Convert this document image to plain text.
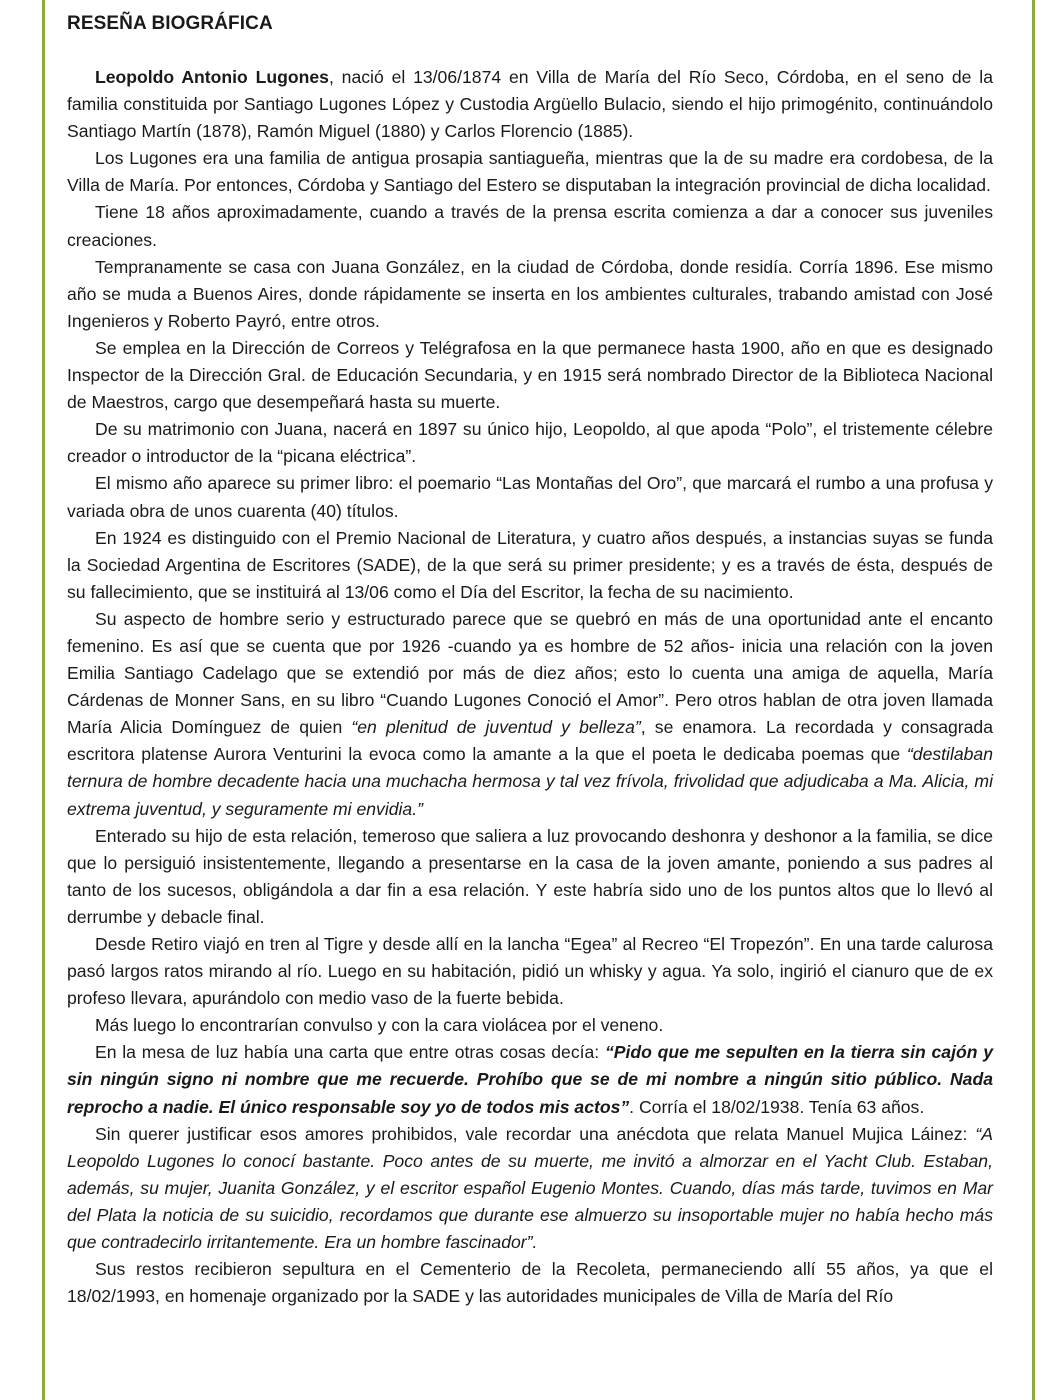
RESEÑA BIOGRÁFICA

Leopoldo Antonio Lugones, nació el 13/06/1874 en Villa de María del Río Seco, Córdoba, en el seno de la familia constituida por Santiago Lugones López y Custodia Argüello Bulacio, siendo el hijo primogénito, continuándolo Santiago Martín (1878), Ramón Miguel (1880) y Carlos Florencio (1885).

Los Lugones era una familia de antigua prosapia santiagueña, mientras que la de su madre era cordobesa, de la Villa de María. Por entonces, Córdoba y Santiago del Estero se disputaban la integración provincial de dicha localidad.

Tiene 18 años aproximadamente, cuando a través de la prensa escrita comienza a dar a conocer sus juveniles creaciones.

Tempranamente se casa con Juana González, en la ciudad de Córdoba, donde residía. Corría 1896. Ese mismo año se muda a Buenos Aires, donde rápidamente se inserta en los ambientes culturales, trabando amistad con José Ingenieros y Roberto Payró, entre otros.

Se emplea en la Dirección de Correos y Telégrafosa en la que permanece hasta 1900, año en que es designado Inspector de la Dirección Gral. de Educación Secundaria, y en 1915 será nombrado Director de la Biblioteca Nacional de Maestros, cargo que desempeñará hasta su muerte.

De su matrimonio con Juana, nacerá en 1897 su único hijo, Leopoldo, al que apoda “Polo”, el tristemente célebre creador o introductor de la “picana eléctrica”.

El mismo año aparece su primer libro: el poemario “Las Montañas del Oro”, que marcará el rumbo a una profusa y variada obra de unos cuarenta (40) títulos.

En 1924 es distinguido con el Premio Nacional de Literatura, y cuatro años después, a instancias suyas se funda la Sociedad Argentina de Escritores (SADE), de la que será su primer presidente; y es a través de ésta, después de su fallecimiento, que se instituirá al 13/06 como el Día del Escritor, la fecha de su nacimiento.

Su aspecto de hombre serio y estructurado parece que se quebró en más de una oportunidad ante el encanto femenino. Es así que se cuenta que por 1926 -cuando ya es hombre de 52 años- inicia una relación con la joven Emilia Santiago Cadelago que se extendió por más de diez años; esto lo cuenta una amiga de aquella, María Cárdenas de Monner Sans, en su libro “Cuando Lugones Conoció el Amor”. Pero otros hablan de otra joven llamada María Alicia Domínguez de quien “en plenitud de juventud y belleza”, se enamora. La recordada y consagrada escritora platense Aurora Venturini la evoca como la amante a la que el poeta le dedicaba poemas que “destilaban ternura de hombre decadente hacia una muchacha hermosa y tal vez frívola, frivolidad que adjudicaba a Ma. Alicia, mi extrema juventud, y seguramente mi envidia.”

Enterado su hijo de esta relación, temeroso que saliera a luz provocando deshonra y deshonor a la familia, se dice que lo persiguió insistentemente, llegando a presentarse en la casa de la joven amante, poniendo a sus padres al tanto de los sucesos, obligándola a dar fin a esa relación. Y este habría sido uno de los puntos altos que lo llevó al derrumbe y debacle final.

Desde Retiro viajó en tren al Tigre y desde allí en la lancha “Egea” al Recreo “El Tropezón”. En una tarde calurosa pasó largos ratos mirando al río. Luego en su habitación, pidió un whisky y agua. Ya solo, ingirió el cianuro que de ex profeso llevara, apurándolo con medio vaso de la fuerte bebida.

Más luego lo encontrarían convulso y con la cara violácea por el veneno.

En la mesa de luz había una carta que entre otras cosas decía: “Pido que me sepulten en la tierra sin cajón y sin ningún signo ni nombre que me recuerde. Prohíbo que se de mi nombre a ningún sitio público. Nada reprocho a nadie. El único responsable soy yo de todos mis actos”. Corría el 18/02/1938. Tenía 63 años.

Sin querer justificar esos amores prohibidos, vale recordar una anécdota que relata Manuel Mujica Láinez: “A Leopoldo Lugones lo conocí bastante. Poco antes de su muerte, me invitó a almorzar en el Yacht Club. Estaban, además, su mujer, Juanita González, y el escritor español Eugenio Montes. Cuando, días más tarde, tuvimos en Mar del Plata la noticia de su suicidio, recordamos que durante ese almuerzo su insoportable mujer no había hecho más que contradecirlo irritantemente. Era un hombre fascinador”.

Sus restos recibieron sepultura en el Cementerio de la Recoleta, permaneciendo allí 55 años, ya que el 18/02/1993, en homenaje organizado por la SADE y las autoridades municipales de Villa de María del Río
